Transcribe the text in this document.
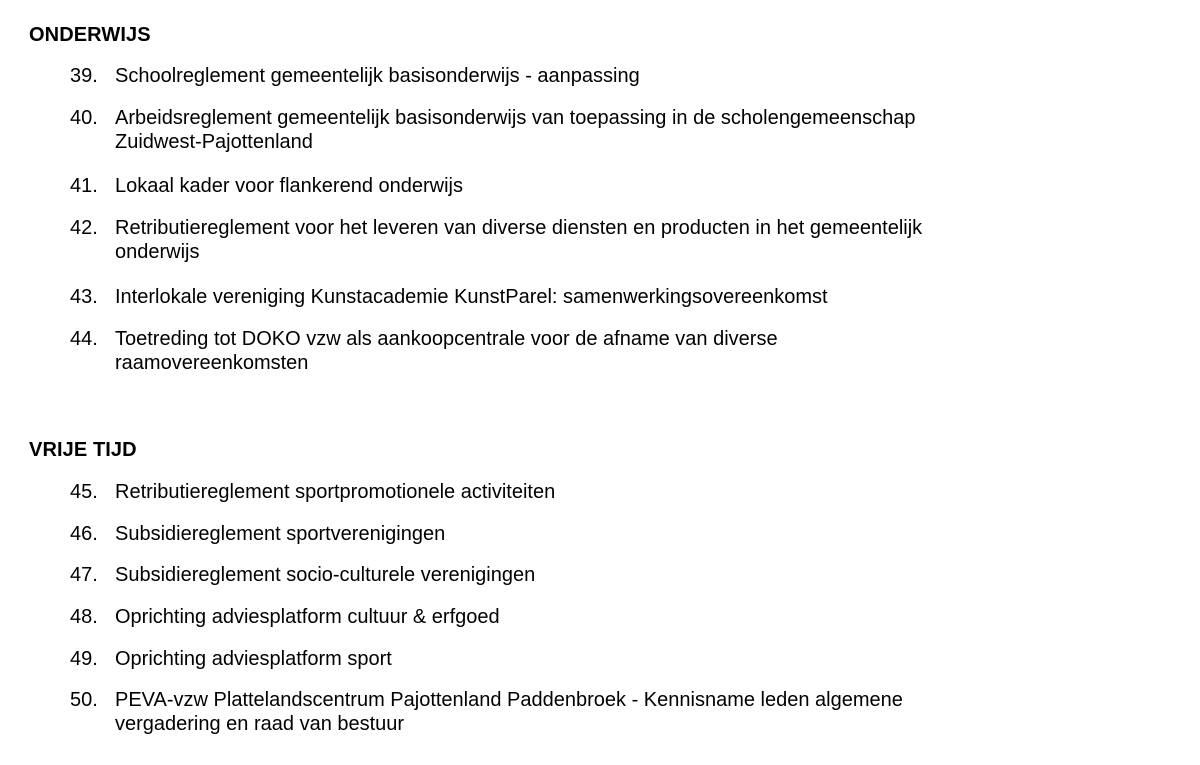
ONDERWIJS
39. Schoolreglement gemeentelijk basisonderwijs - aanpassing
40. Arbeidsreglement gemeentelijk basisonderwijs van toepassing in de scholengemeenschap
Zuidwest-Pajottenland
41. Lokaal kader voor flankerend onderwijs
42. Retributiereglement voor het leveren van diverse diensten en producten in het gemeentelijk
onderwijs
43. Interlokale vereniging Kunstacademie KunstParel: samenwerkingsovereenkomst
44. Toetreding tot DOKO vzw als aankoopcentrale voor de afname van diverse
raamovereenkomsten
VRIJE TIJD
45. Retributiereglement sportpromotionele activiteiten
46. Subsidiereglement sportverenigingen
47. Subsidiereglement socio-culturele verenigingen
48. Oprichting adviesplatform cultuur & erfgoed
49. Oprichting adviesplatform sport
50. PEVA-vzw Plattelandscentrum Pajottenland Paddenbroek - Kennisname leden algemene
vergadering en raad van bestuur
